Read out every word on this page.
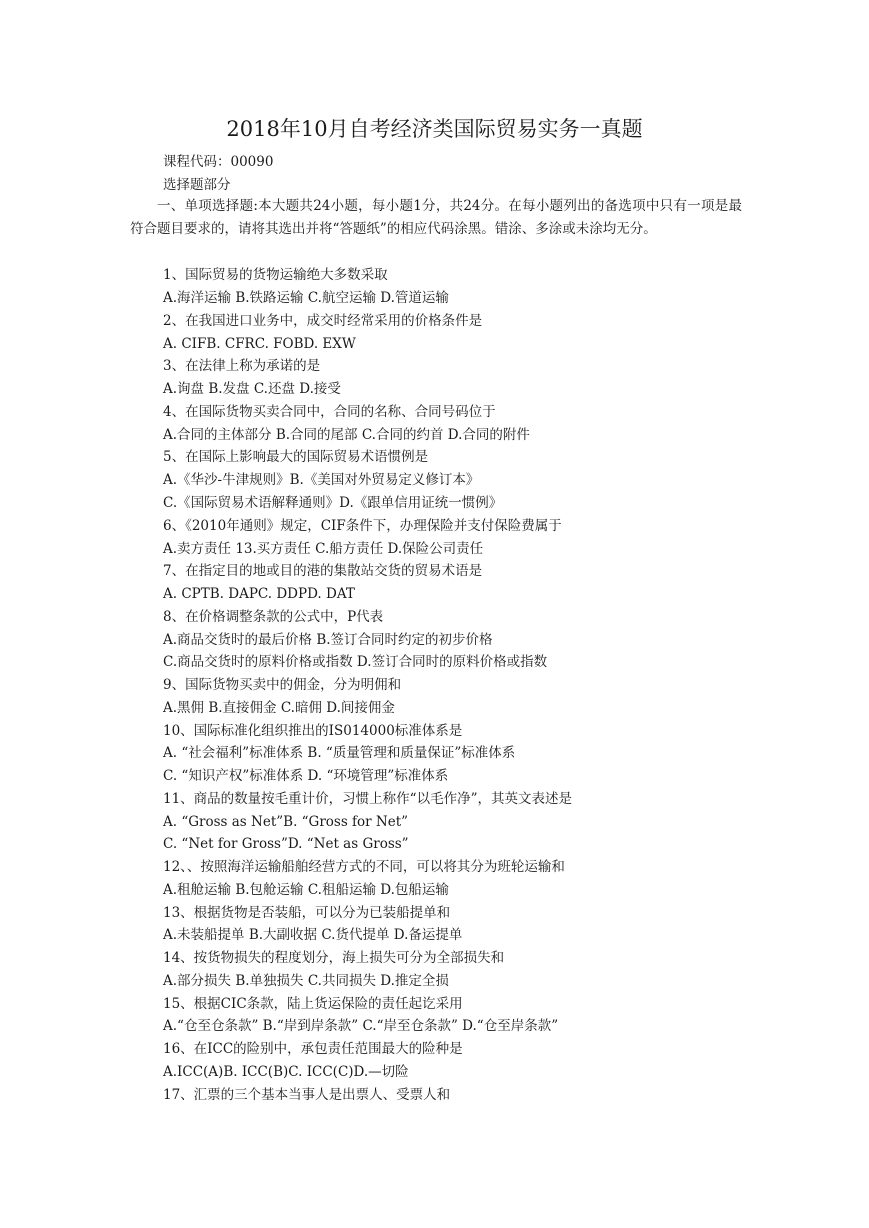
2018年10月自考经济类国际贸易实务一真题
课程代码：00090
选择题部分
一、单项选择题:本大题共24小题，每小题1分，共24分。在每小题列出的备选项中只有一项是最符合题目要求的，请将其选出并将“答题纸”的相应代码涂黑。错涂、多涂或未涂均无分。
1、国际贸易的货物运输绝大多数采取
A.海洋运输 B.铁路运输 C.航空运输 D.管道运输
2、在我国进口业务中，成交时经常采用的价格条件是
A. CIFB. CFRC. FOBD. EXW
3、在法律上称为承诺的是
A.询盘 B.发盘 C.还盘 D.接受
4、在国际货物买卖合同中，合同的名称、合同号码位于
A.合同的主体部分 B.合同的尾部 C.合同的约首 D.合同的附件
5、在国际上影响最大的国际贸易术语惯例是
A.《华沙-牛津规则》B.《美国对外贸易定义修订本》
C.《国际贸易术语解释通则》D.《跟单信用证统一惯例》
6、《2010年通则》规定，CIF条件下，办理保险并支付保险费属于
A.卖方责任 13.买方责任 C.船方责任 D.保险公司责任
7、在指定目的地或目的港的集散站交货的贸易术语是
A. CPTB. DAPC. DDPD. DAT
8、在价格调整条款的公式中，P代表
A.商品交货时的最后价格 B.签订合同时约定的初步价格
C.商品交货时的原料价格或指数 D.签订合同时的原料价格或指数
9、国际货物买卖中的佣金，分为明佣和
A.黑佣 B.直接佣金 C.暗佣 D.间接佣金
10、国际标准化组织推出的IS014000标准体系是
A. “社会福利”标准体系 B. “质量管理和质量保证”标准体系
C. “知识产权”标准体系 D. “环境管理”标准体系
11、商品的数量按毛重计价，习惯上称作“以毛作净”，其英文表述是
A. “Gross as Net”B. “Gross for Net”
C. “Net for Gross”D. “Net as Gross”
12、、按照海洋运输船舶经营方式的不同，可以将其分为班轮运输和
A.租舱运输 B.包舱运输 C.租船运输 D.包船运输
13、根据货物是否装船，可以分为已装船提单和
A.未装船提单 B.大副收据 C.货代提单 D.备运提单
14、按货物损失的程度划分，海上损失可分为全部损失和
A.部分损失 B.单独损失 C.共同损失 D.推定全损
15、根据CIC条款，陆上货运保险的责任起讫采用
A.“仓至仓条款” B.“岸到岸条款” C.“岸至仓条款” D.“仓至岸条款”
16、在ICC的险别中，承包责任范围最大的险种是
A.ICC(A)B. ICC(B)C. ICC(C)D.—切险
17、汇票的三个基本当事人是出票人、受票人和
